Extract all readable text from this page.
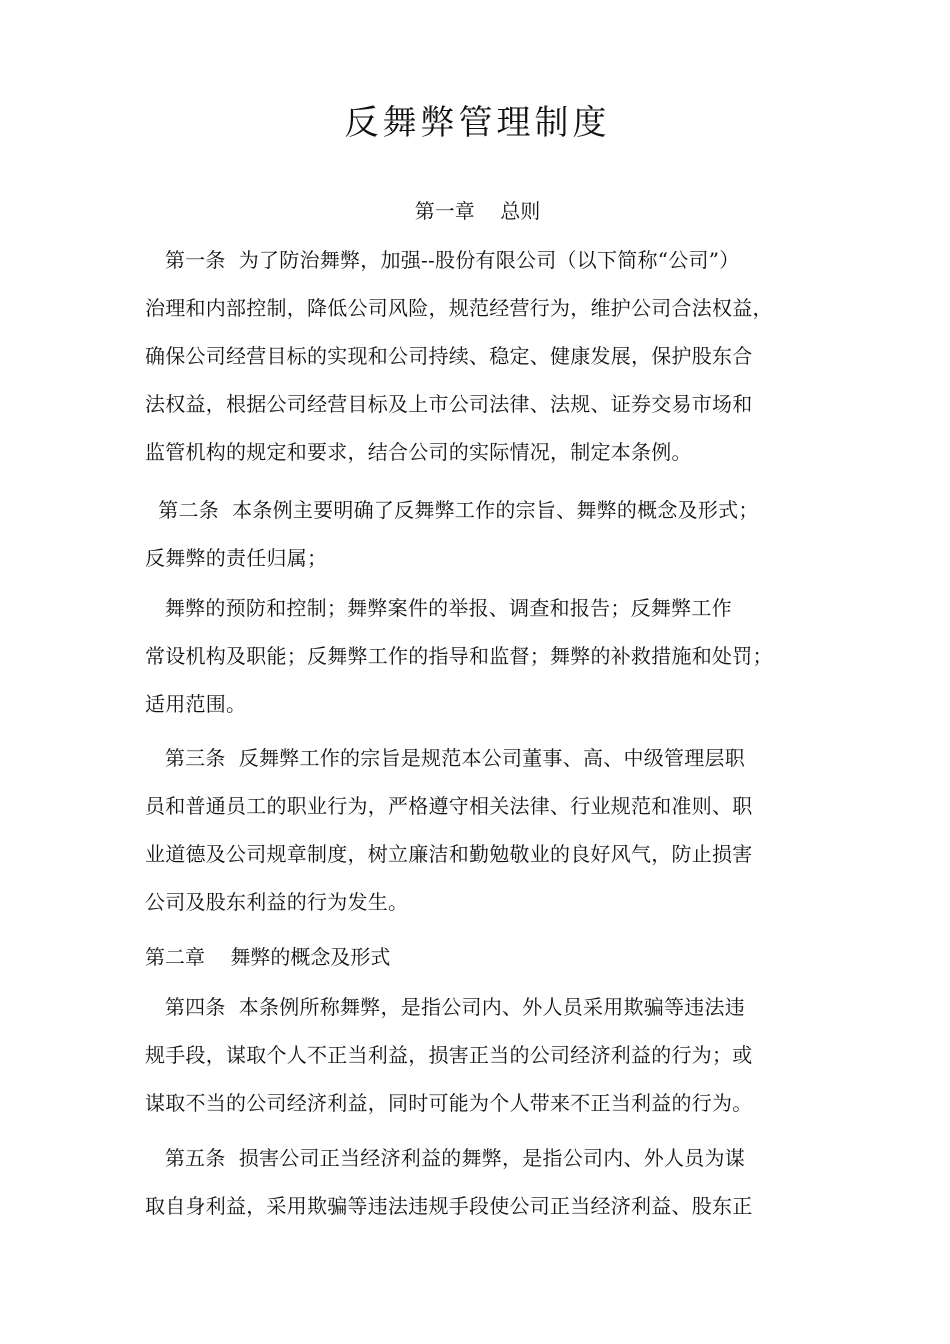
反舞弊管理制度
第一章    总则
第一条  为了防治舞弊，加强--股份有限公司（以下简称“公司”）
治理和内部控制，降低公司风险，规范经营行为，维护公司合法权益，
确保公司经营目标的实现和公司持续、稳定、健康发展，保护股东合
法权益，根据公司经营目标及上市公司法律、法规、证券交易市场和
监管机构的规定和要求，结合公司的实际情况，制定本条例。
第二条  本条例主要明确了反舞弊工作的宗旨、舞弊的概念及形式；
反舞弊的责任归属；
舞弊的预防和控制；舞弊案件的举报、调查和报告；反舞弊工作
常设机构及职能；反舞弊工作的指导和监督；舞弊的补救措施和处罚；
适用范围。
第三条  反舞弊工作的宗旨是规范本公司董事、高、中级管理层职
员和普通员工的职业行为，严格遵守相关法律、行业规范和准则、职
业道德及公司规章制度，树立廉洁和勤勉敬业的良好风气，防止损害
公司及股东利益的行为发生。
第二章    舞弊的概念及形式
第四条  本条例所称舞弊，是指公司内、外人员采用欺骗等违法违
规手段，谋取个人不正当利益，损害正当的公司经济利益的行为；或
谋取不当的公司经济利益，同时可能为个人带来不正当利益的行为。
第五条  损害公司正当经济利益的舞弊，是指公司内、外人员为谋
取自身利益，采用欺骗等违法违规手段使公司正当经济利益、股东正
